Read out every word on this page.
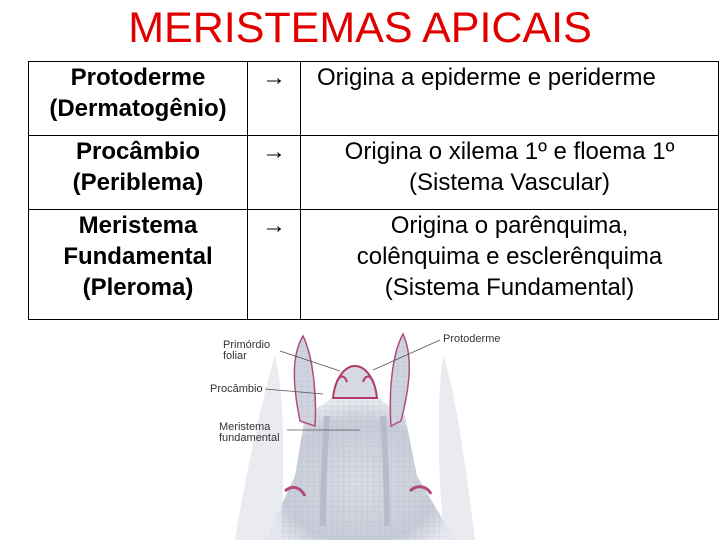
MERISTEMAS APICAIS
Protoderme
(Dermatogênio)	→	Origina a epiderme e periderme
Procâmbio
(Periblema)	→	Origina o xilema 1º e floema 1º
(Sistema Vascular)
Meristema
Fundamental
(Pleroma)	→	Origina o parênquima,
colênquima e esclerênquima
(Sistema Fundamental)
Primórdio
foliar
Protoderme
Procâmbio
Meristema
fundamental
